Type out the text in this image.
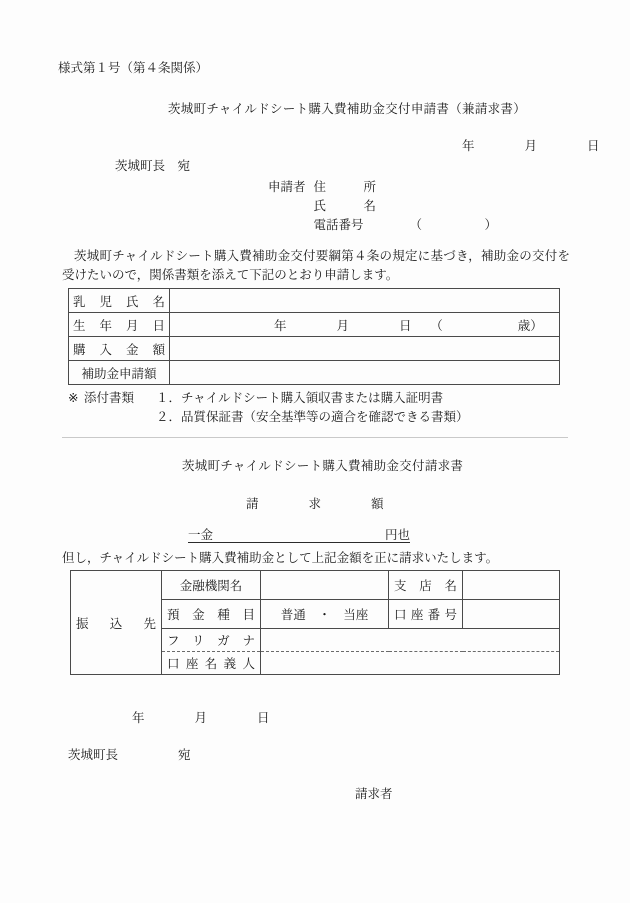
様式第１号（第４条関係）
茨城町チャイルドシート購入費補助金交付申請書（兼請求書）
年　　　　月　　　　日
茨城町長　宛
申請者 住　　　所
氏　　　名
電話番号	（　　　　　）
茨城町チャイルドシート購入費補助金交付要綱第４条の規定に基づき，補助金の交付を受けたいので，関係書類を添えて下記のとおり申請します。
乳児氏名	
生年月日	年　　　　月　　　　日　　（　　　　　　歳）

購入金額	
補助金申請額	
※ 添付書類 １．チャイルドシート購入領収書または購入証明書
２．品質保証書（安全基準等の適合を確認できる書類）
茨城町チャイルドシート購入費補助金交付請求書
請　　　　求　　　　額
一金	円也
但し，チャイルドシート購入費補助金として上記金額を正に請求いたします。
振込先	金融機関名		支店名	
	預金種目	普通　・　当座	口座番号	
	フリガナ			
	口座名義人			
年　　　　月　　　　日
茨城町長	宛
請求者
